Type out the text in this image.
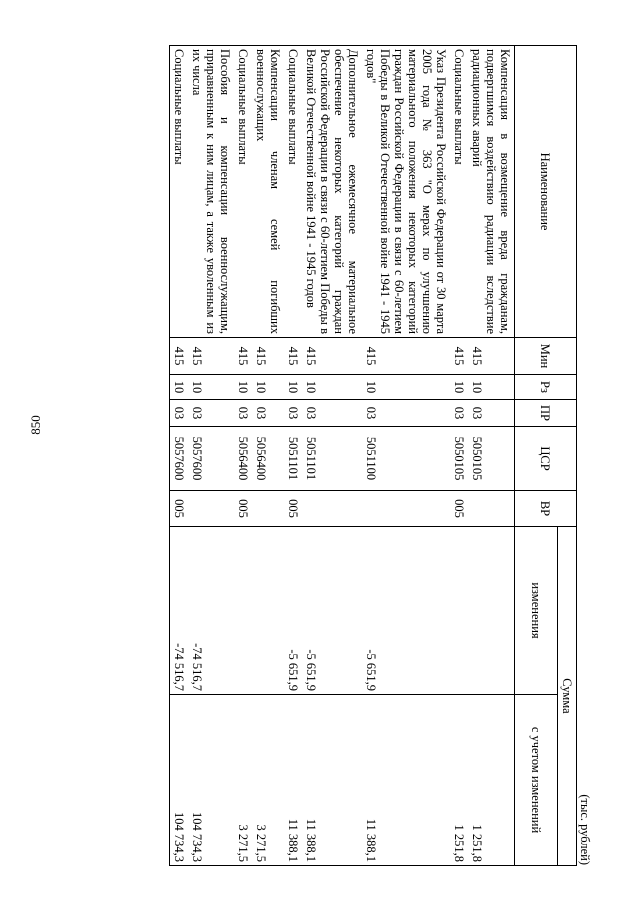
850
(тыс. рублей)
Наименование	Мин	Рз	ПР	ЦСР	ВР	Сумма	
						изменения	с учетом изменений
Компенсация в возмещение вреда гражданам, подвергшимся воздействию радиации вследствие радиационных аварий	415	10	03	5050105			1 251,8
Социальные выплаты	415	10	03	5050105	005		1 251,8
Указ Президента Российской Федерации от 30 марта 2005 года № 363 "О мерах по улучшению материального положения некоторых категорий граждан Российской Федерации в связи с 60-летием Победы в Великой Отечественной войне 1941 - 1945 годов"	415	10	03	5051100		-5 651,9	11 388,1
Дополнительное ежемесячное материальное обеспечение некоторых категорий граждан Российской Федерации в связи с 60-летием Победы в Великой Отечественной войне 1941 - 1945 годов	415	10	03	5051101		-5 651,9	11 388,1
Социальные выплаты	415	10	03	5051101	005	-5 651,9	11 388,1
Компенсации членам семей погибших военнослужащих	415	10	03	5056400			3 271,5
Социальные выплаты	415	10	03	5056400	005		3 271,5
Пособия и компенсации военнослужащим, приравненным к ним лицам, а также уволенным из их числа	415	10	03	5057600		-74 516,7	104 734,3
Социальные выплаты	415	10	03	5057600	005	-74 516,7	104 734,3
